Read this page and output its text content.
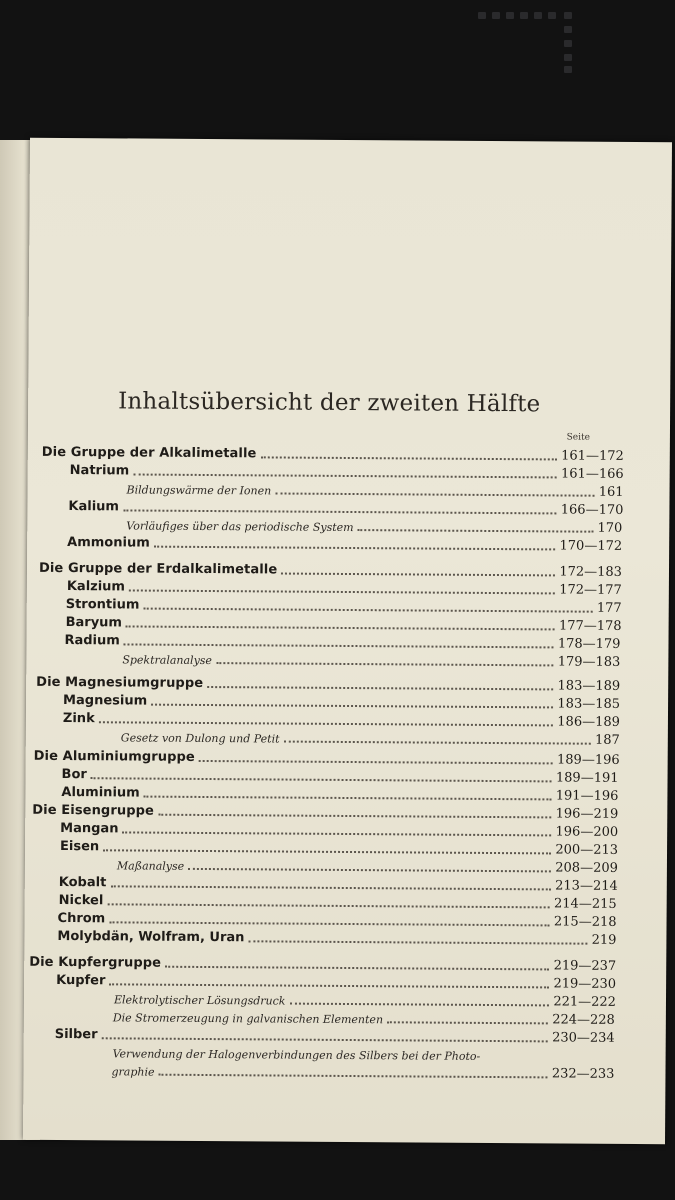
Inhaltsübersicht der zweiten Hälfte
Seite
Die Gruppe der Alkalimetalle	161—172
Natrium	161—166
Bildungswärme der Ionen	161
Kalium	166—170
Vorläufiges über das periodische System	170
Ammonium	170—172
Die Gruppe der Erdalkalimetalle	172—183
Kalzium	172—177
Strontium	177
Baryum	177—178
Radium	178—179
Spektralanalyse	179—183
Die Magnesiumgruppe	183—189
Magnesium	183—185
Zink	186—189
Gesetz von Dulong und Petit	187
Die Aluminiumgruppe	189—196
Bor	189—191
Aluminium	191—196
Die Eisengruppe	196—219
Mangan	196—200
Eisen	200—213
Maßanalyse	208—209
Kobalt	213—214
Nickel	214—215
Chrom	215—218
Molybdän, Wolfram, Uran	219
Die Kupfergruppe	219—237
Kupfer	219—230
Elektrolytischer Lösungsdruck	221—222
Die Stromerzeugung in galvanischen Elementen	224—228
Silber	230—234
Verwendung der Halogenverbindungen des Silbers bei der Photo-
graphie	232—233
